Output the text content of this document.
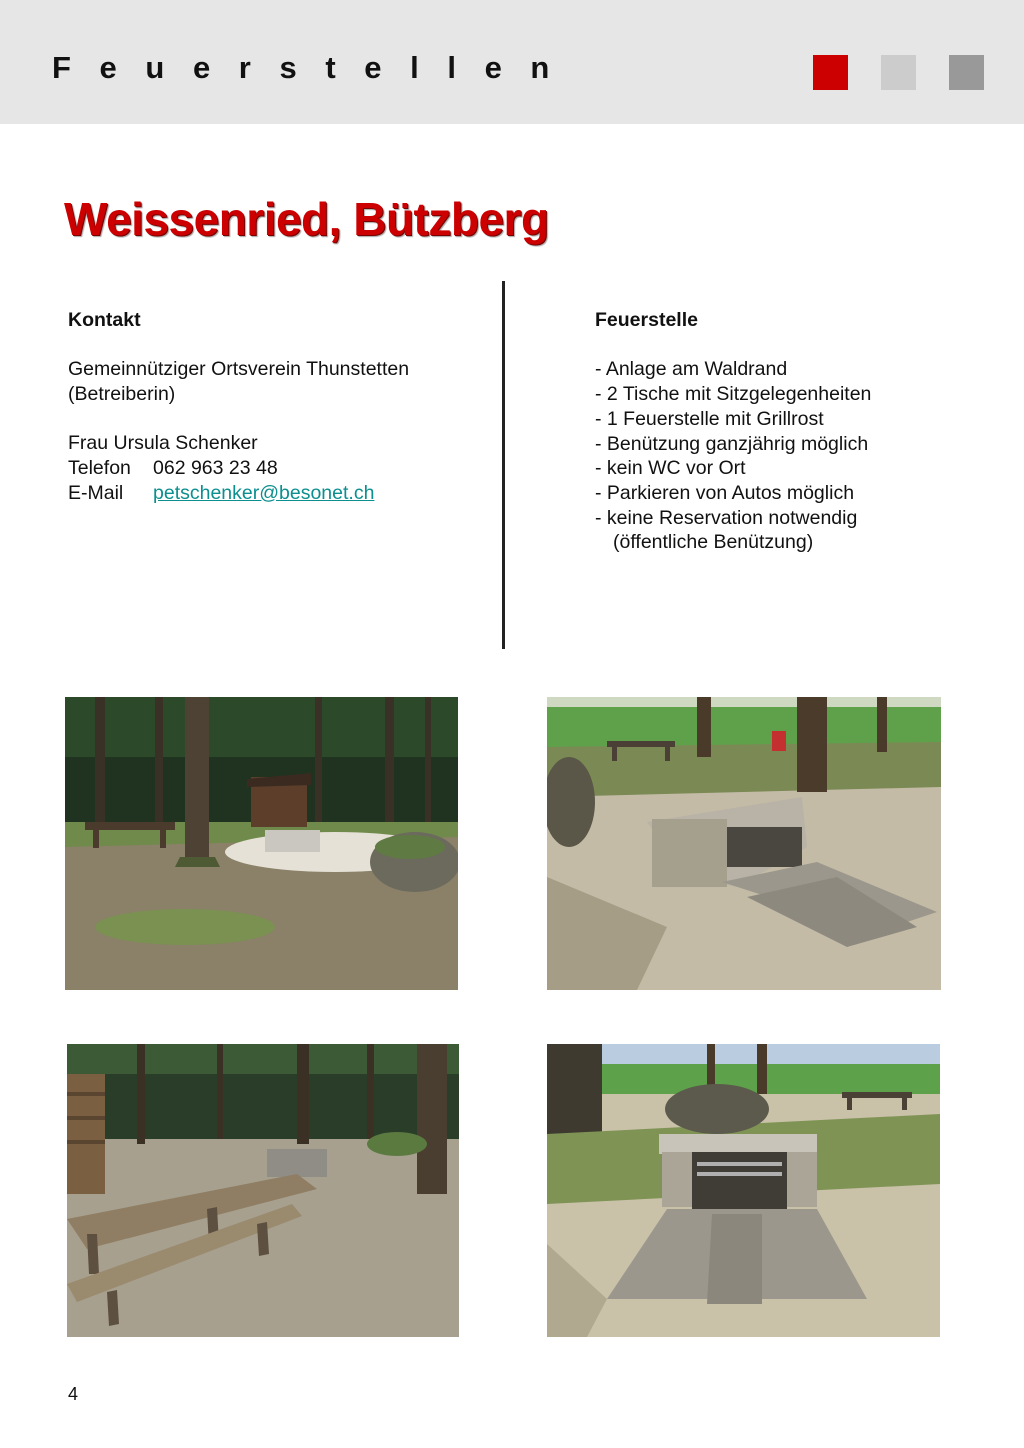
F e u e r s t e l l e n
Weissenried, Bützberg
Kontakt
Gemeinnütziger Ortsverein Thunstetten
(Betreiberin)
Frau Ursula Schenker
Telefon 062 963 23 48
E-Mail petschenker@besonet.ch
Feuerstelle
- Anlage am Waldrand
- 2 Tische mit Sitzgelegenheiten
- 1 Feuerstelle mit Grillrost
- Benützung ganzjährig möglich
- kein WC vor Ort
- Parkieren von Autos möglich
- keine Reservation notwendig
(öffentliche Benützung)
4
